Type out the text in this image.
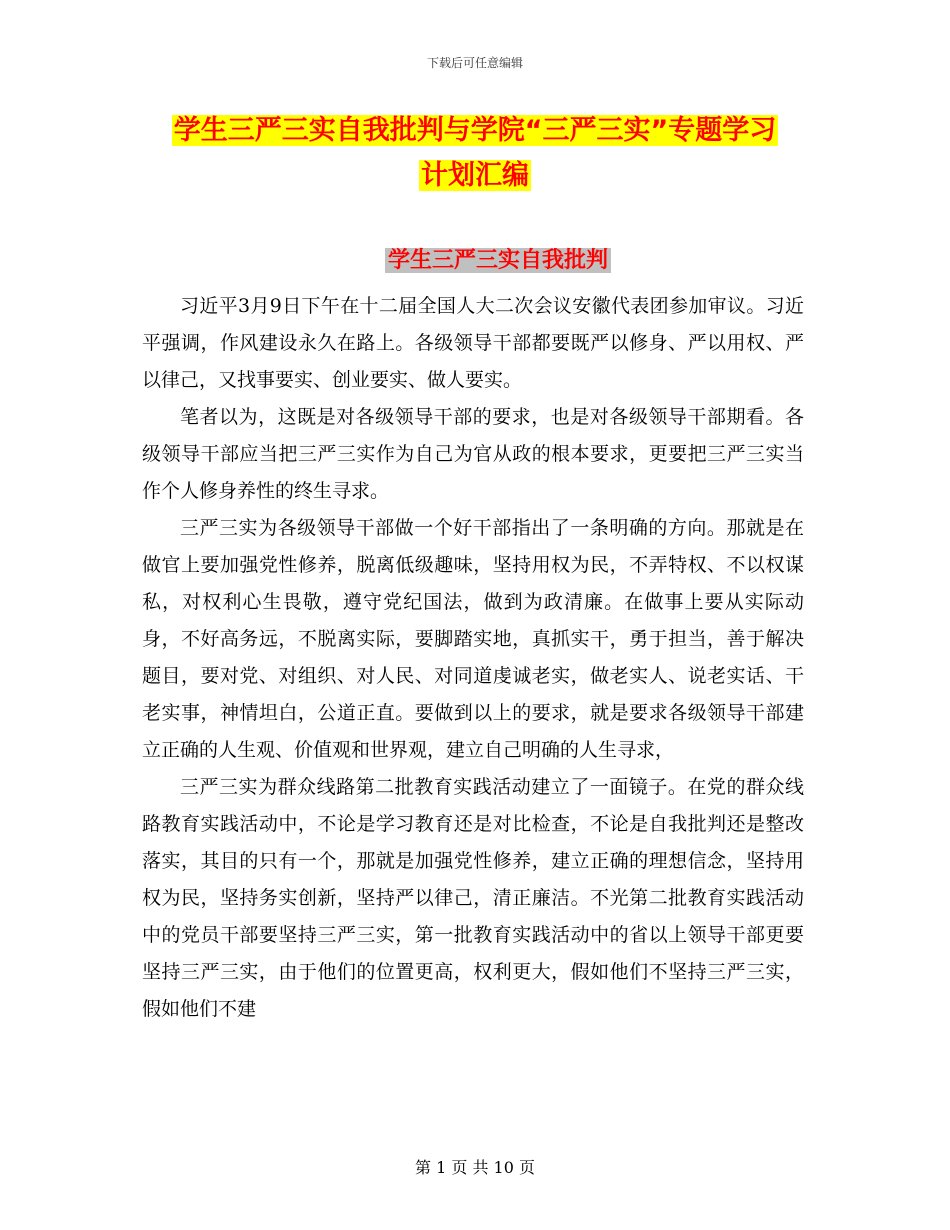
下载后可任意编辑
学生三严三实自我批判与学院“三严三实”专题学习
计划汇编
学生三严三实自我批判

习近平3月9日下午在十二届全国人大二次会议安徽代表团参加审议。习近平强调，作风建设永久在路上。各级领导干部都要既严以修身、严以用权、严以律己，又找事要实、创业要实、做人要实。

笔者以为，这既是对各级领导干部的要求，也是对各级领导干部期看。各级领导干部应当把三严三实作为自己为官从政的根本要求，更要把三严三实当作个人修身养性的终生寻求。

三严三实为各级领导干部做一个好干部指出了一条明确的方向。那就是在做官上要加强党性修养，脱离低级趣味，坚持用权为民，不弄特权、不以权谋私，对权利心生畏敬，遵守党纪国法，做到为政清廉。在做事上要从实际动身，不好高务远，不脱离实际，要脚踏实地，真抓实干，勇于担当，善于解决题目，要对党、对组织、对人民、对同道虔诚老实，做老实人、说老实话、干老实事，神情坦白，公道正直。要做到以上的要求，就是要求各级领导干部建立正确的人生观、价值观和世界观，建立自己明确的人生寻求，

三严三实为群众线路第二批教育实践活动建立了一面镜子。在党的群众线路教育实践活动中，不论是学习教育还是对比检查，不论是自我批判还是整改落实，其目的只有一个，那就是加强党性修养，建立正确的理想信念，坚持用权为民，坚持务实创新，坚持严以律己，清正廉洁。不光第二批教育实践活动中的党员干部要坚持三严三实，第一批教育实践活动中的省以上领导干部更要坚持三严三实，由于他们的位置更高，权利更大，假如他们不坚持三严三实，假如他们不建

第 1 页 共 10 页
